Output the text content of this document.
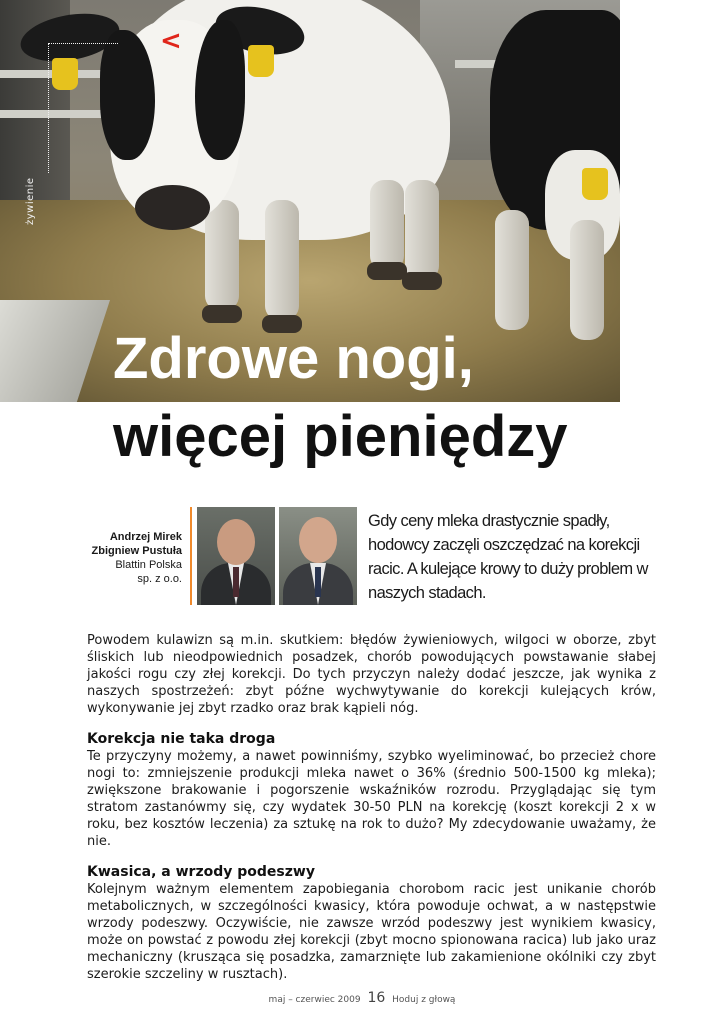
żywienie
<
Zdrowe nogi,
więcej pieniędzy
Andrzej Mirek
Zbigniew Pustuła
Blattin Polska
sp. z o.o.
Gdy ceny mleka drastycznie spadły, hodowcy zaczęli oszczędzać na korekcji racic. A kulejące krowy to duży problem w naszych stadach.
Powodem kulawizn są m.in. skutkiem: błędów żywieniowych, wilgoci w oborze, zbyt śliskich lub nieodpowiednich posadzek, chorób powodujących powstawanie słabej jakości rogu czy złej korekcji. Do tych przyczyn należy dodać jeszcze, jak wynika z naszych spostrzeżeń: zbyt późne wychwytywanie do korekcji kulejących krów, wykonywanie jej zbyt rzadko oraz brak kąpieli nóg.
Korekcja nie taka droga
Te przyczyny możemy, a nawet powinniśmy, szybko wyeliminować, bo przecież chore nogi to: zmniejszenie produkcji mleka nawet o 36% (średnio 500-1500 kg mleka); zwiększone brakowanie i pogorszenie wskaźników rozrodu. Przyglądając się tym stratom zastanówmy się, czy wydatek 30-50 PLN na korekcję (koszt korekcji 2 x w roku, bez kosztów leczenia) za sztukę na rok to dużo? My zdecydowanie uważamy, że nie.
Kwasica, a wrzody podeszwy
Kolejnym ważnym elementem zapobiegania chorobom racic jest unikanie chorób metabolicznych, w szczególności kwasicy, która powoduje ochwat, a w następstwie wrzody podeszwy. Oczywiście, nie zawsze wrzód podeszwy jest wynikiem kwasicy, może on powstać z powodu złej korekcji (zbyt mocno spionowana racica) lub jako uraz mechaniczny (krusząca się posadzka, zamarznięte lub zakamienione okólniki czy zbyt szerokie szczeliny w rusztach).
maj – czerwiec 2009 16 Hoduj z głową
